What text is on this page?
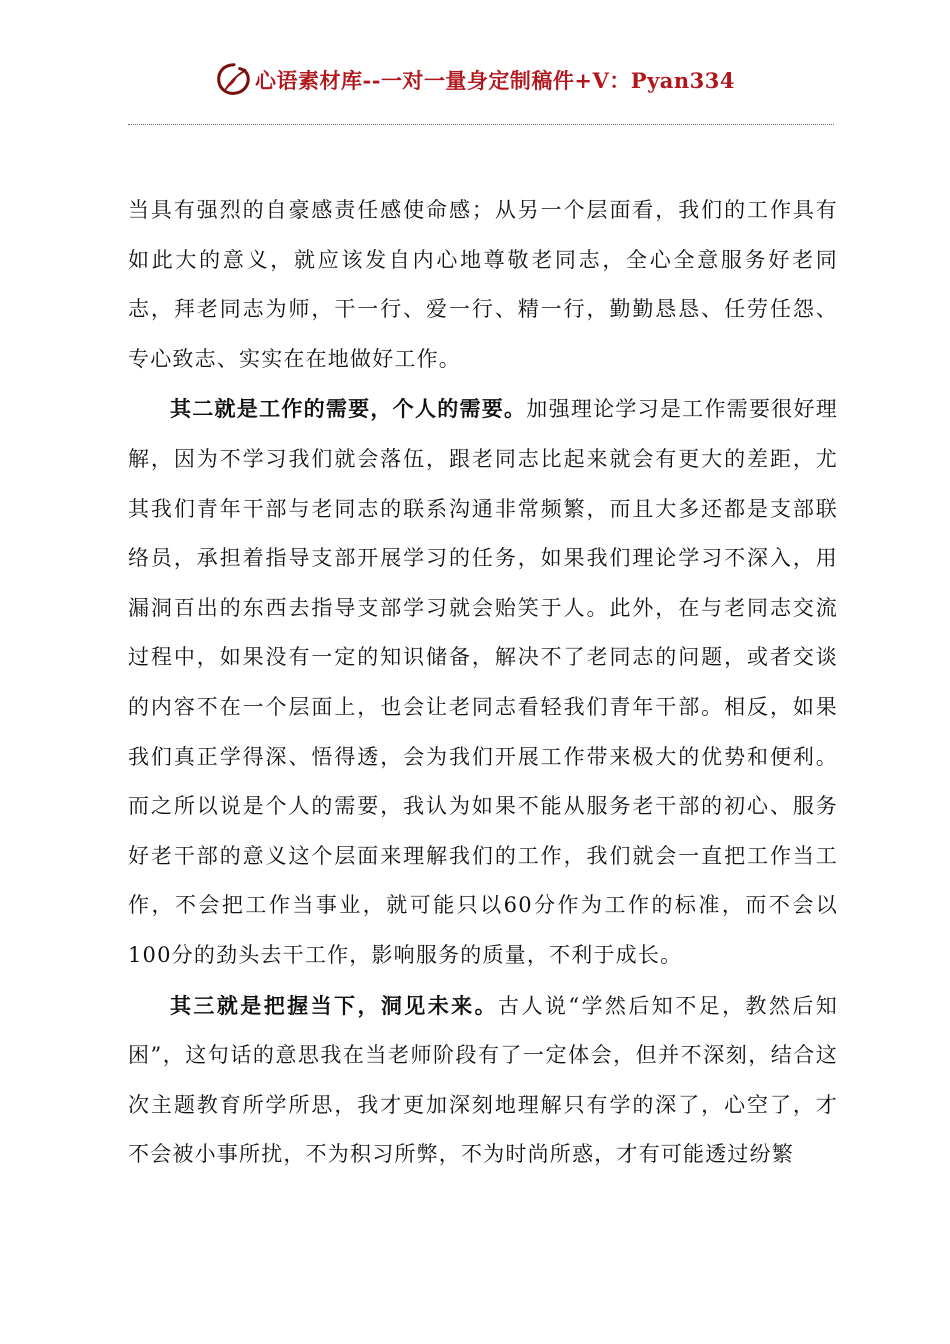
心语素材库--一对一量身定制稿件+V：Pyan334

当具有强烈的自豪感责任感使命感；从另一个层面看，我们的工作具有如此大的意义，就应该发自内心地尊敬老同志，全心全意服务好老同志，拜老同志为师，干一行、爱一行、精一行，勤勤恳恳、任劳任怨、专心致志、实实在在地做好工作。

其二就是工作的需要，个人的需要。加强理论学习是工作需要很好理解，因为不学习我们就会落伍，跟老同志比起来就会有更大的差距，尤其我们青年干部与老同志的联系沟通非常频繁，而且大多还都是支部联络员，承担着指导支部开展学习的任务，如果我们理论学习不深入，用漏洞百出的东西去指导支部学习就会贻笑于人。此外，在与老同志交流过程中，如果没有一定的知识储备，解决不了老同志的问题，或者交谈的内容不在一个层面上，也会让老同志看轻我们青年干部。相反，如果我们真正学得深、悟得透，会为我们开展工作带来极大的优势和便利。而之所以说是个人的需要，我认为如果不能从服务老干部的初心、服务好老干部的意义这个层面来理解我们的工作，我们就会一直把工作当工作，不会把工作当事业，就可能只以60分作为工作的标准，而不会以100分的劲头去干工作，影响服务的质量，不利于成长。

其三就是把握当下，洞见未来。古人说“学然后知不足，教然后知困”，这句话的意思我在当老师阶段有了一定体会，但并不深刻，结合这次主题教育所学所思，我才更加深刻地理解只有学的深了，心空了，才不会被小事所扰，不为积习所弊，不为时尚所惑，才有可能透过纷繁
